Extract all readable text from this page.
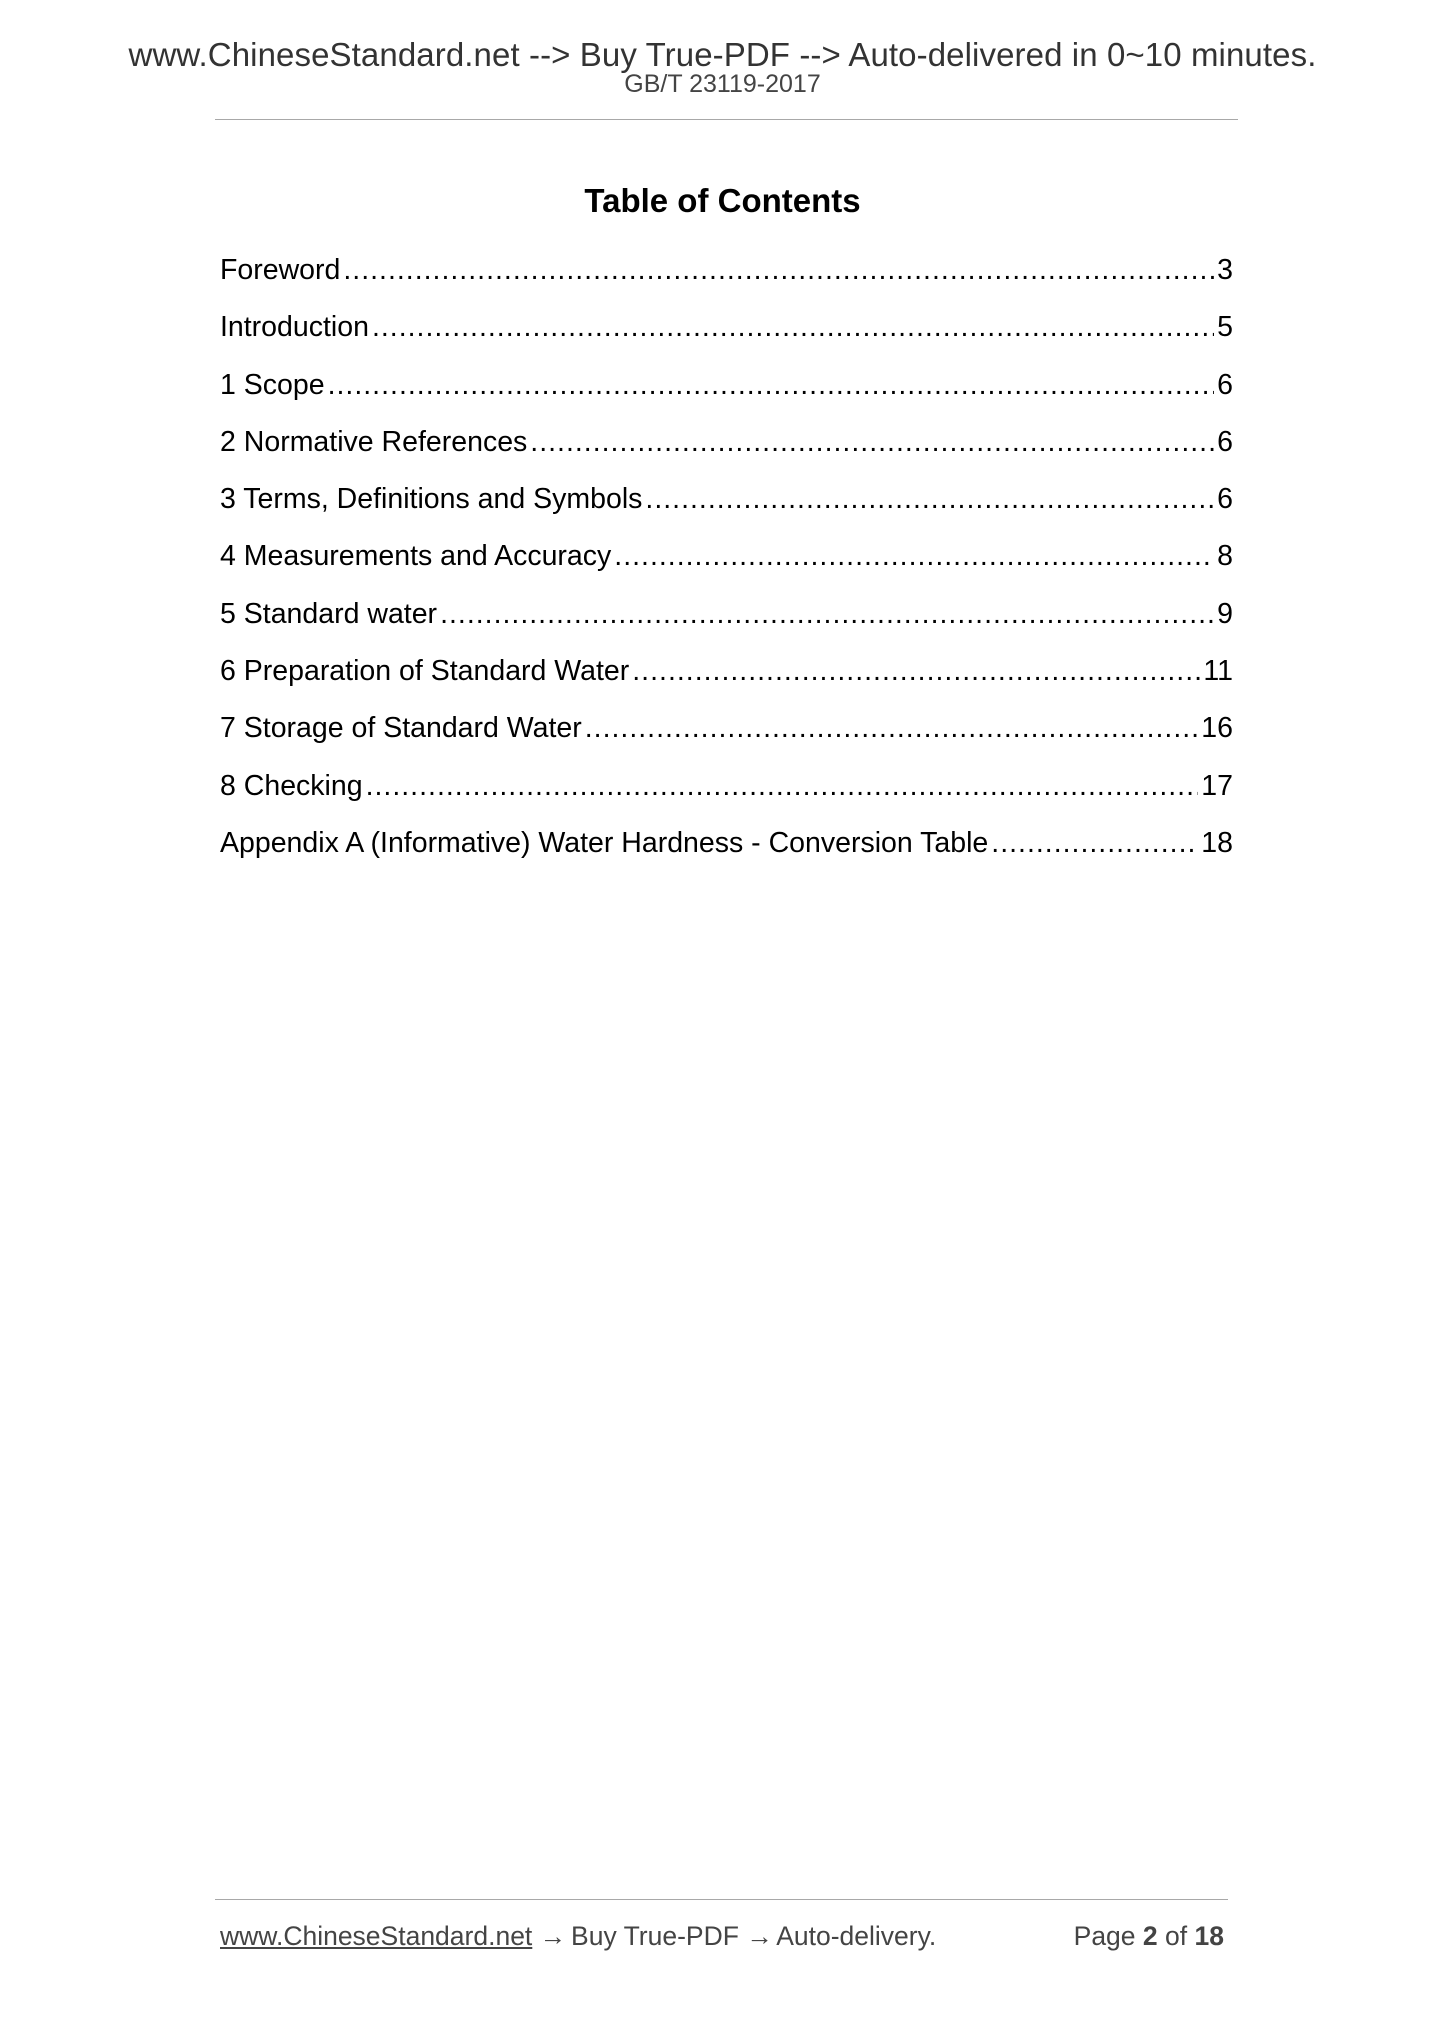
www.ChineseStandard.net --> Buy True-PDF --> Auto-delivered in 0~10 minutes.
GB/T 23119-2017
Table of Contents
Foreword .....	3
Introduction .....	5
1 Scope .....	6
2 Normative References .....	6
3 Terms, Definitions and Symbols .....	6
4 Measurements and Accuracy .....	8
5 Standard water .....	9
6 Preparation of Standard Water .....	11
7 Storage of Standard Water .....	16
8 Checking .....	17
Appendix A (Informative) Water Hardness - Conversion Table .....	18
www.ChineseStandard.net → Buy True-PDF → Auto-delivery.	Page 2 of 18
